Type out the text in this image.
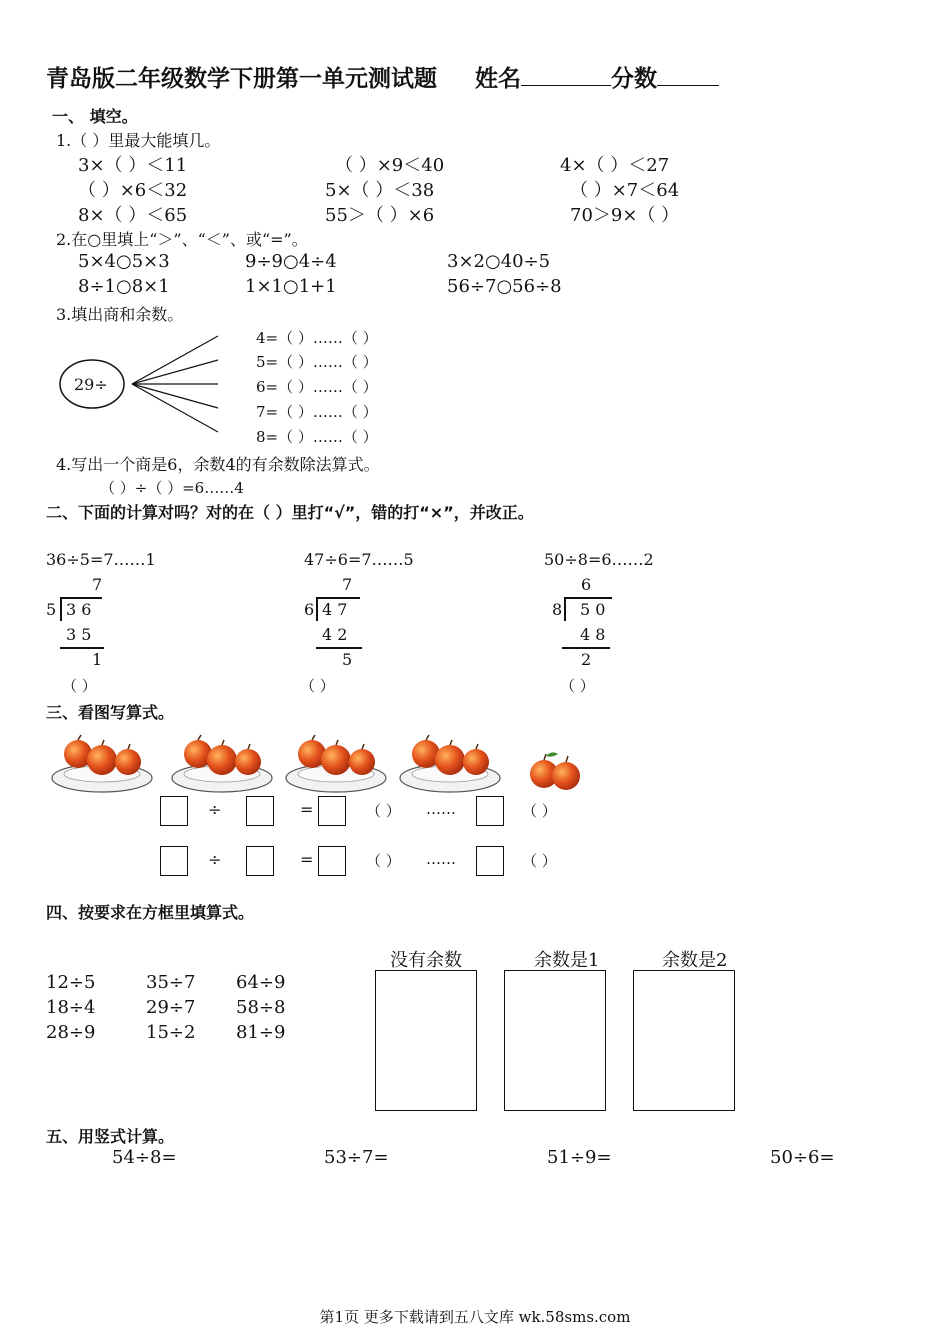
青岛版二年级数学下册第一单元测试题 姓名	分数
一、 填空。
1.（ ）里最大能填几。
3×（ ）＜11	（ ）×9＜40	4×（ ）＜27
（ ）×6＜32	5×（ ）＜38	（ ）×7＜64
8×（ ）＜65	55＞（ ）×6	70＞9×（ ）
2.在○里填上“＞”、“＜”、或“=”。
5×4○5×3	9÷9○4÷4	3×2○40÷5
8÷1○8×1	1×1○1+1	56÷7○56÷8
3.填出商和余数。
29÷
4=（ ）……（ ）
5=（ ）……（ ）
6=（ ）……（ ）
7=（ ）……（ ）
8=（ ）……（ ）
4.写出一个商是6，余数4的有余数除法算式。
（ ）÷（ ）=6……4
二、下面的计算对吗？对的在（ ）里打“√”，错的打“×”，并改正。
36÷5=7……1
7
5 3 6
3 5
1
（ ）
47÷6=7……5
7
6 4 7
4 2
5
（ ）
50÷8=6……2
6
8 5 0
4 8
2
（ ）
三、看图写算式。
÷	=	（ ） ……	（ ）
÷	=	（ ） ……	（ ）
四、按要求在方框里填算式。
12÷5	35÷7 64÷9
18÷4	29÷7 58÷8
28÷9	15÷2 81÷9
没有余数	余数是1	余数是2
五、用竖式计算。
54÷8=	53÷7=	51÷9=	50÷6=
第1页 更多下载请到五八文库 wk.58sms.com
